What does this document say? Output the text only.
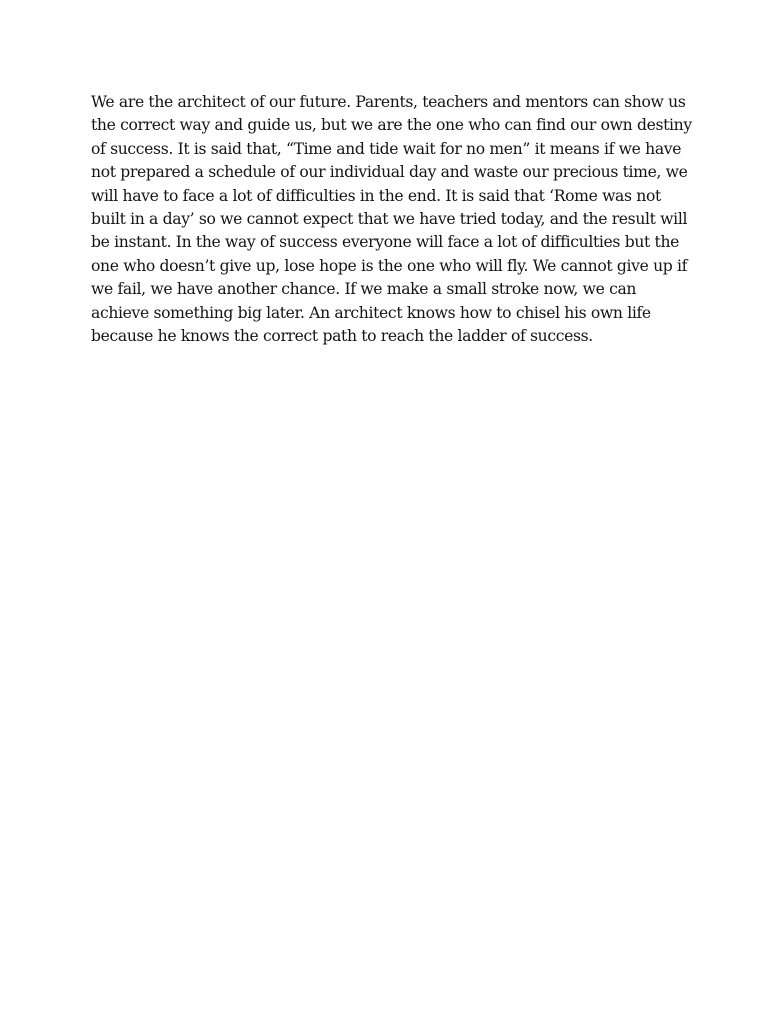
We are the architect of our future. Parents, teachers and mentors can show us
the correct way and guide us, but we are the one who can find our own destiny
of success. It is said that, “Time and tide wait for no men” it means if we have
not prepared a schedule of our individual day and waste our precious time, we
will have to face a lot of difficulties in the end. It is said that ‘Rome was not
built in a day’ so we cannot expect that we have tried today, and the result will
be instant. In the way of success everyone will face a lot of difficulties but the
one who doesn’t give up, lose hope is the one who will fly. We cannot give up if
we fail, we have another chance. If we make a small stroke now, we can
achieve something big later. An architect knows how to chisel his own life
because he knows the correct path to reach the ladder of success.
